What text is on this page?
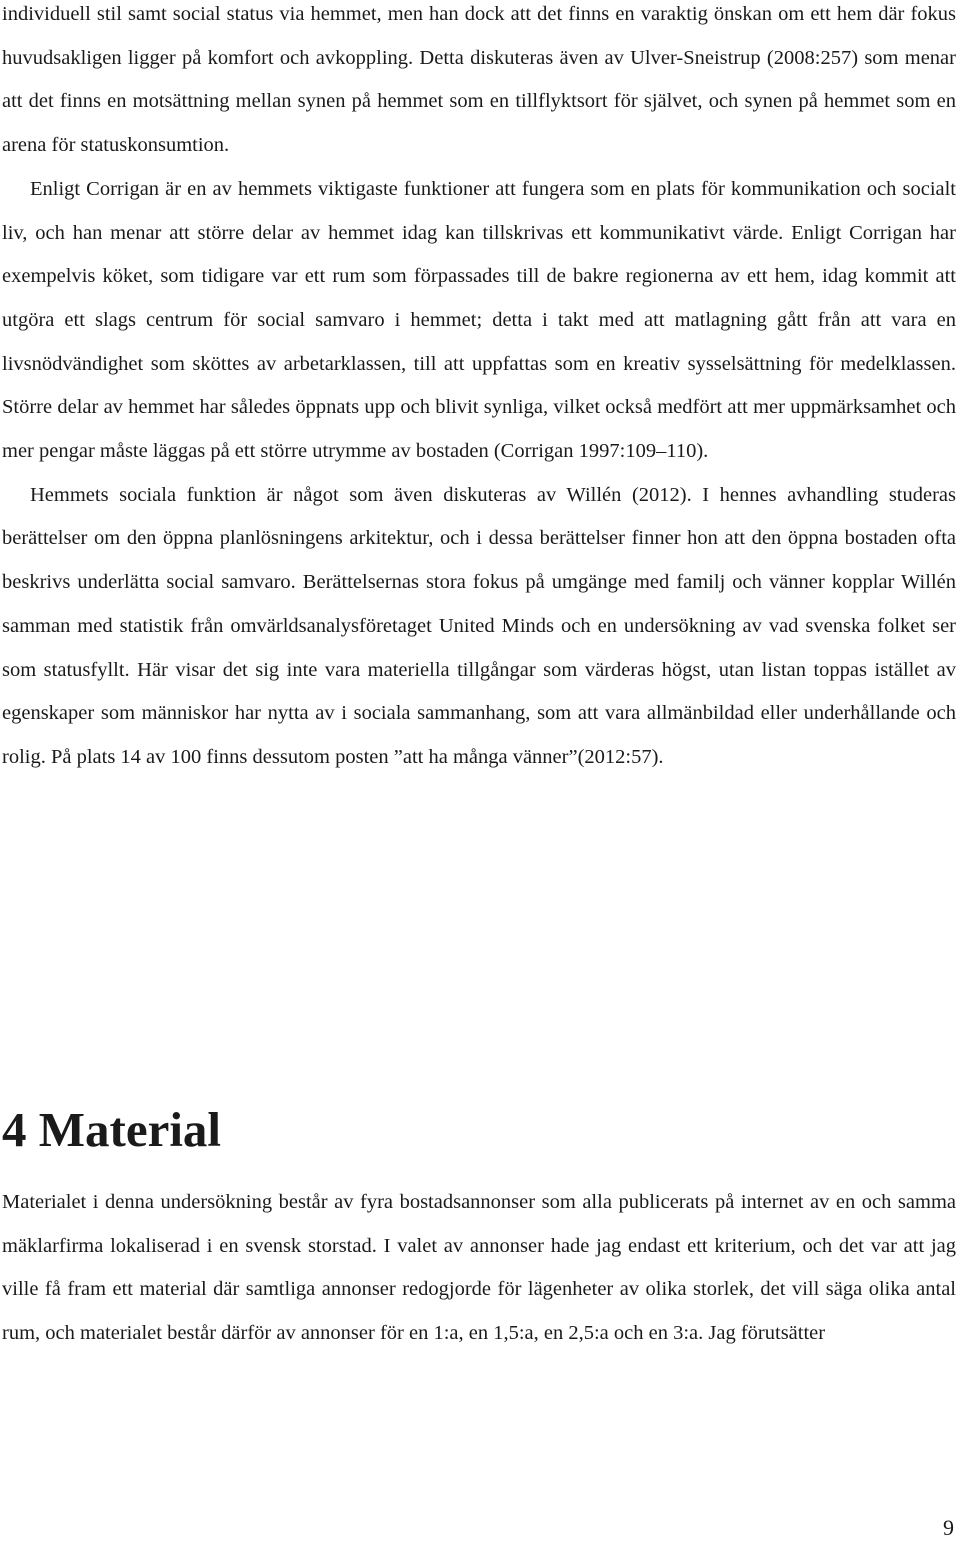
individuell stil samt social status via hemmet, men han dock att det finns en varaktig önskan om ett hem där fokus huvudsakligen ligger på komfort och avkoppling. Detta diskuteras även av Ulver-Sneistrup (2008:257) som menar att det finns en motsättning mellan synen på hemmet som en tillflyktsort för självet, och synen på hemmet som en arena för statuskonsumtion.

Enligt Corrigan är en av hemmets viktigaste funktioner att fungera som en plats för kommunikation och socialt liv, och han menar att större delar av hemmet idag kan tillskrivas ett kommunikativt värde. Enligt Corrigan har exempelvis köket, som tidigare var ett rum som förpassades till de bakre regionerna av ett hem, idag kommit att utgöra ett slags centrum för social samvaro i hemmet; detta i takt med att matlagning gått från att vara en livsnödvändighet som sköttes av arbetarklassen, till att uppfattas som en kreativ sysselsättning för medelklassen. Större delar av hemmet har således öppnats upp och blivit synliga, vilket också medfört att mer uppmärksamhet och mer pengar måste läggas på ett större utrymme av bostaden (Corrigan 1997:109–110).

Hemmets sociala funktion är något som även diskuteras av Willén (2012). I hennes avhandling studeras berättelser om den öppna planlösningens arkitektur, och i dessa berättelser finner hon att den öppna bostaden ofta beskrivs underlätta social samvaro. Berättelsernas stora fokus på umgänge med familj och vänner kopplar Willén samman med statistik från omvärldsanalysföretaget United Minds och en undersökning av vad svenska folket ser som statusfyllt. Här visar det sig inte vara materiella tillgångar som värderas högst, utan listan toppas istället av egenskaper som människor har nytta av i sociala sammanhang, som att vara allmänbildad eller underhållande och rolig. På plats 14 av 100 finns dessutom posten ”att ha många vänner”(2012:57).

4 Material

Materialet i denna undersökning består av fyra bostadsannonser som alla publicerats på internet av en och samma mäklarfirma lokaliserad i en svensk storstad. I valet av annonser hade jag endast ett kriterium, och det var att jag ville få fram ett material där samtliga annonser redogjorde för lägenheter av olika storlek, det vill säga olika antal rum, och materialet består därför av annonser för en 1:a, en 1,5:a, en 2,5:a och en 3:a. Jag förutsätter

9
